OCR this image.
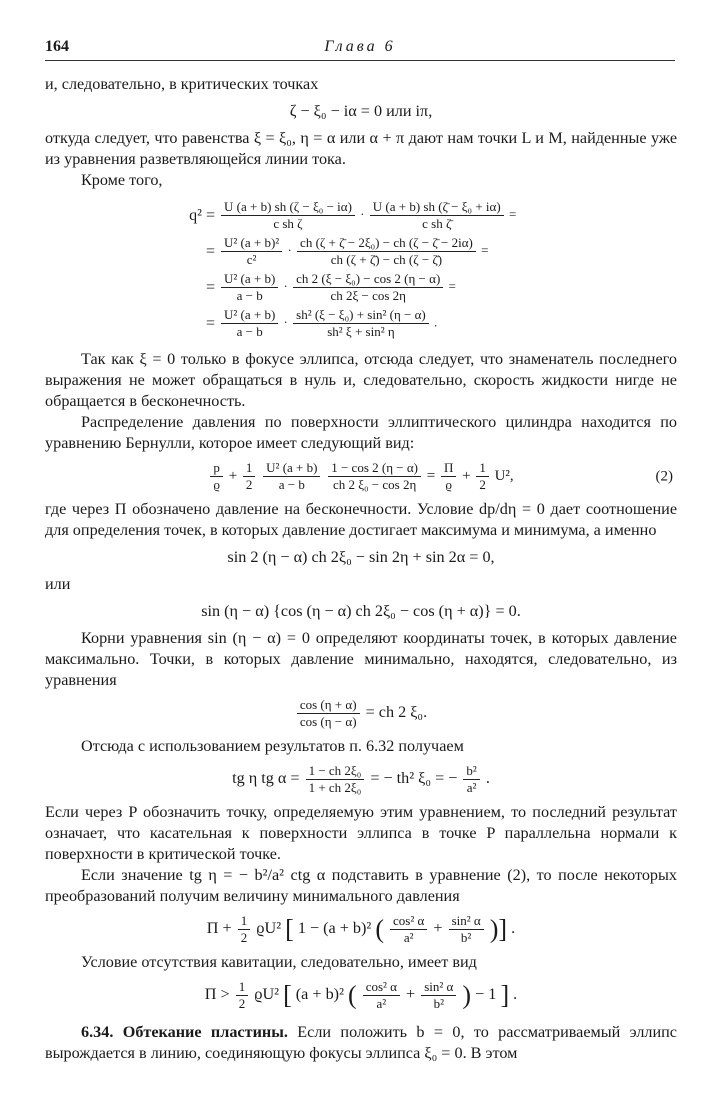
164	Глава 6

и, следовательно, в критических точках

ζ − ξ₀ − iα = 0 или iπ,

откуда следует, что равенства ξ = ξ₀, η = α или α + π дают нам точки L и M, найденные уже из уравнения разветвляющейся линии тока.

Кроме того,

$q^2 = \frac{\text{U (a + b) sh (ζ − ξ₀ − iα)}}{\text{c sh ζ}} \cdot \frac{\text{U (a + b) sh (ζ̄ − ξ₀ + iα)}}{\text{c sh ζ̄}}$ =
= $\frac{\text{U² (a + b)²}}{\text{c²}} \cdot \frac{\text{ch (ζ + ζ̄ − 2ξ₀) − ch (ζ − ζ̄ − 2iα)}}{ch (\zeta + \zetā) - ch (\zeta - \zetā)}$ =
= $\frac{\text{U² (a + b)}}{a - b} \cdot \frac{\text{ch 2 (ξ − ξ₀) − cos 2 (η − α)}}{ch 2\xi - \cos 2\eta}$ =
= $\frac{\text{U² (a + b)}}{a - b} \cdot \frac{\text{sh² (ξ − ξ₀) + sin² (η − α)}}{\text{sh² ξ + sin² η}}$ .

Так как ξ = 0 только в фокусе эллипса, отсюда следует, что знаменатель последнего выражения не может обращаться в нуль и, следовательно, скорость жидкости нигде не обращается в бесконечность.

Распределение давления по поверхности эллиптического цилиндра находится по уравнению Бернулли, которое имеет следующий вид:

$\frac{p}{ϱ} + \frac{1}{2}$
$\frac{\text{U² (a + b)}}{a - b}$
$\frac{1 - \cos 2 (\eta - \alpha)}{\text{ch 2 ξ₀ − cos 2η}} = \frac{\Pi}{ϱ} + \frac{1}{2} U^2$,	(2)

где через Π обозначено давление на бесконечности. Условие dp/dη = 0 дает соотношение для определения точек, в которых давление достигает максимума и минимума, а именно

sin 2 (η − α) ch 2ξ₀ − sin 2η + sin 2α = 0,

или

sin (η − α) {cos (η − α) ch 2ξ₀ − cos (η + α)} = 0.

Корни уравнения sin (η − α) = 0 определяют координаты точек, в которых давление максимально. Точки, в которых давление минимально, находятся, следовательно, из уравнения

$\frac{\cos (\eta + \alpha)}{\cos (\eta - \alpha)}$ = ch 2 ξ₀.

Отсюда с использованием результатов п. 6.32 получаем

tg η tg $\alpha = \frac{\text{1 − ch 2ξ₀}}{\text{1 + ch 2ξ₀}}$ = − th² ξ₀ = − $\frac{\text{b²}}{\text{a²}}$ .

Если через P обозначить точку, определяемую этим уравнением, то последний результат означает, что касательная к поверхности эллипса в точке P параллельна нормали к поверхности в критической точке.

Если значение tg η = − b²/a² ctg α подставить в уравнение (2), то после некоторых преобразований получим величину минимального давления

$\Pi + \frac{1}{2} ϱU^2$ [ 1 − (a + b)² ( $\frac{\text{cos² α}}{\text{a²}} + \frac{\text{sin² α}}{\text{b²}}$ )] .

Условие отсутствия кавитации, следовательно, имеет вид

$\Pi > \frac{1}{2} ϱU^2$ [ (a + b)² ( $\frac{\text{cos² α}}{\text{a²}} + \frac{\text{sin² α}}{\text{b²}}$ ) − 1 ] .

6.34. Обтекание пластины. Если положить b = 0, то рассматриваемый эллипс вырождается в линию, соединяющую фокусы эллипса ξ₀ = 0. В этом
